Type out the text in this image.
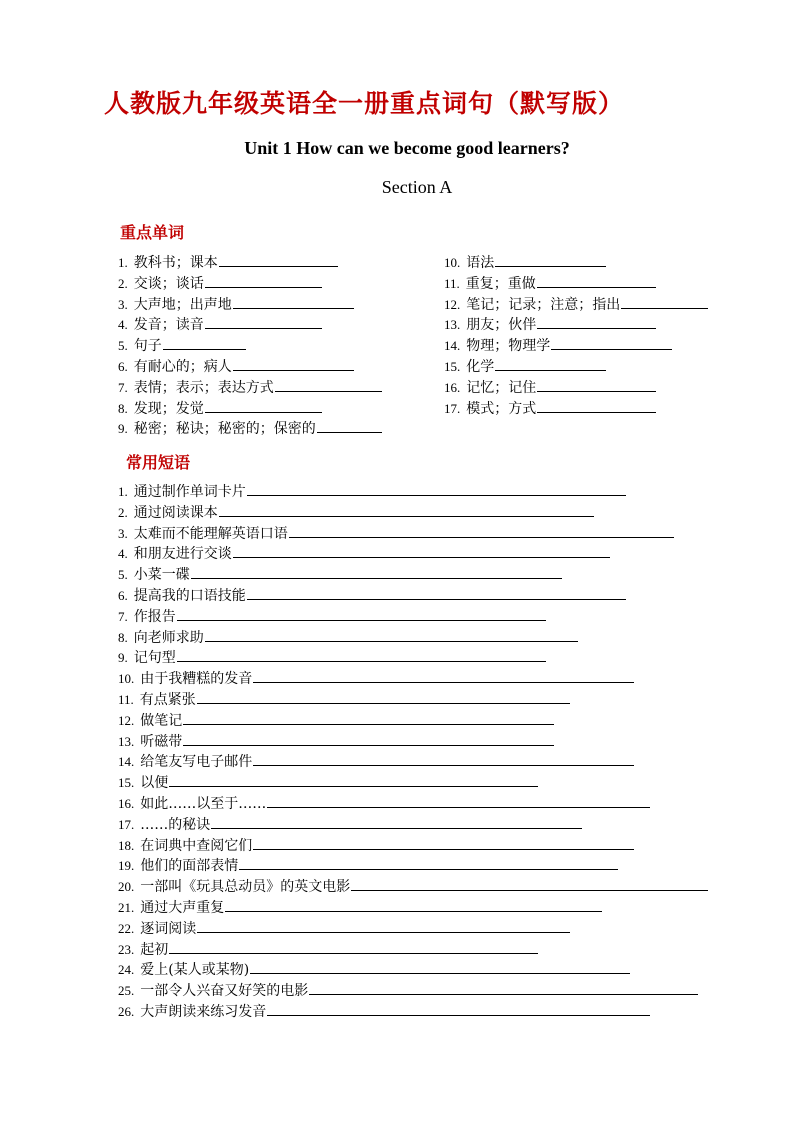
人教版九年级英语全一册重点词句（默写版）
Unit 1 How can we become good learners?
Section A
重点单词
1. 教科书；课本
2. 交谈；谈话
3. 大声地；出声地
4. 发音；读音
5. 句子
6. 有耐心的；病人
7. 表情；表示；表达方式
8. 发现；发觉
9. 秘密；秘诀；秘密的；保密的
10. 语法
11. 重复；重做
12. 笔记；记录；注意；指出
13. 朋友；伙伴
14. 物理；物理学
15. 化学
16. 记忆；记住
17. 模式；方式
常用短语
1. 通过制作单词卡片
2. 通过阅读课本
3. 太难而不能理解英语口语
4. 和朋友进行交谈
5. 小菜一碟
6. 提高我的口语技能
7. 作报告
8. 向老师求助
9. 记句型
10. 由于我糟糕的发音
11. 有点紧张
12. 做笔记
13. 听磁带
14. 给笔友写电子邮件
15. 以便
16. 如此……以至于……
17. ……的秘诀
18. 在词典中查阅它们
19. 他们的面部表情
20. 一部叫《玩具总动员》的英文电影
21. 通过大声重复
22. 逐词阅读
23. 起初
24. 爱上(某人或某物)
25. 一部令人兴奋又好笑的电影
26. 大声朗读来练习发音
